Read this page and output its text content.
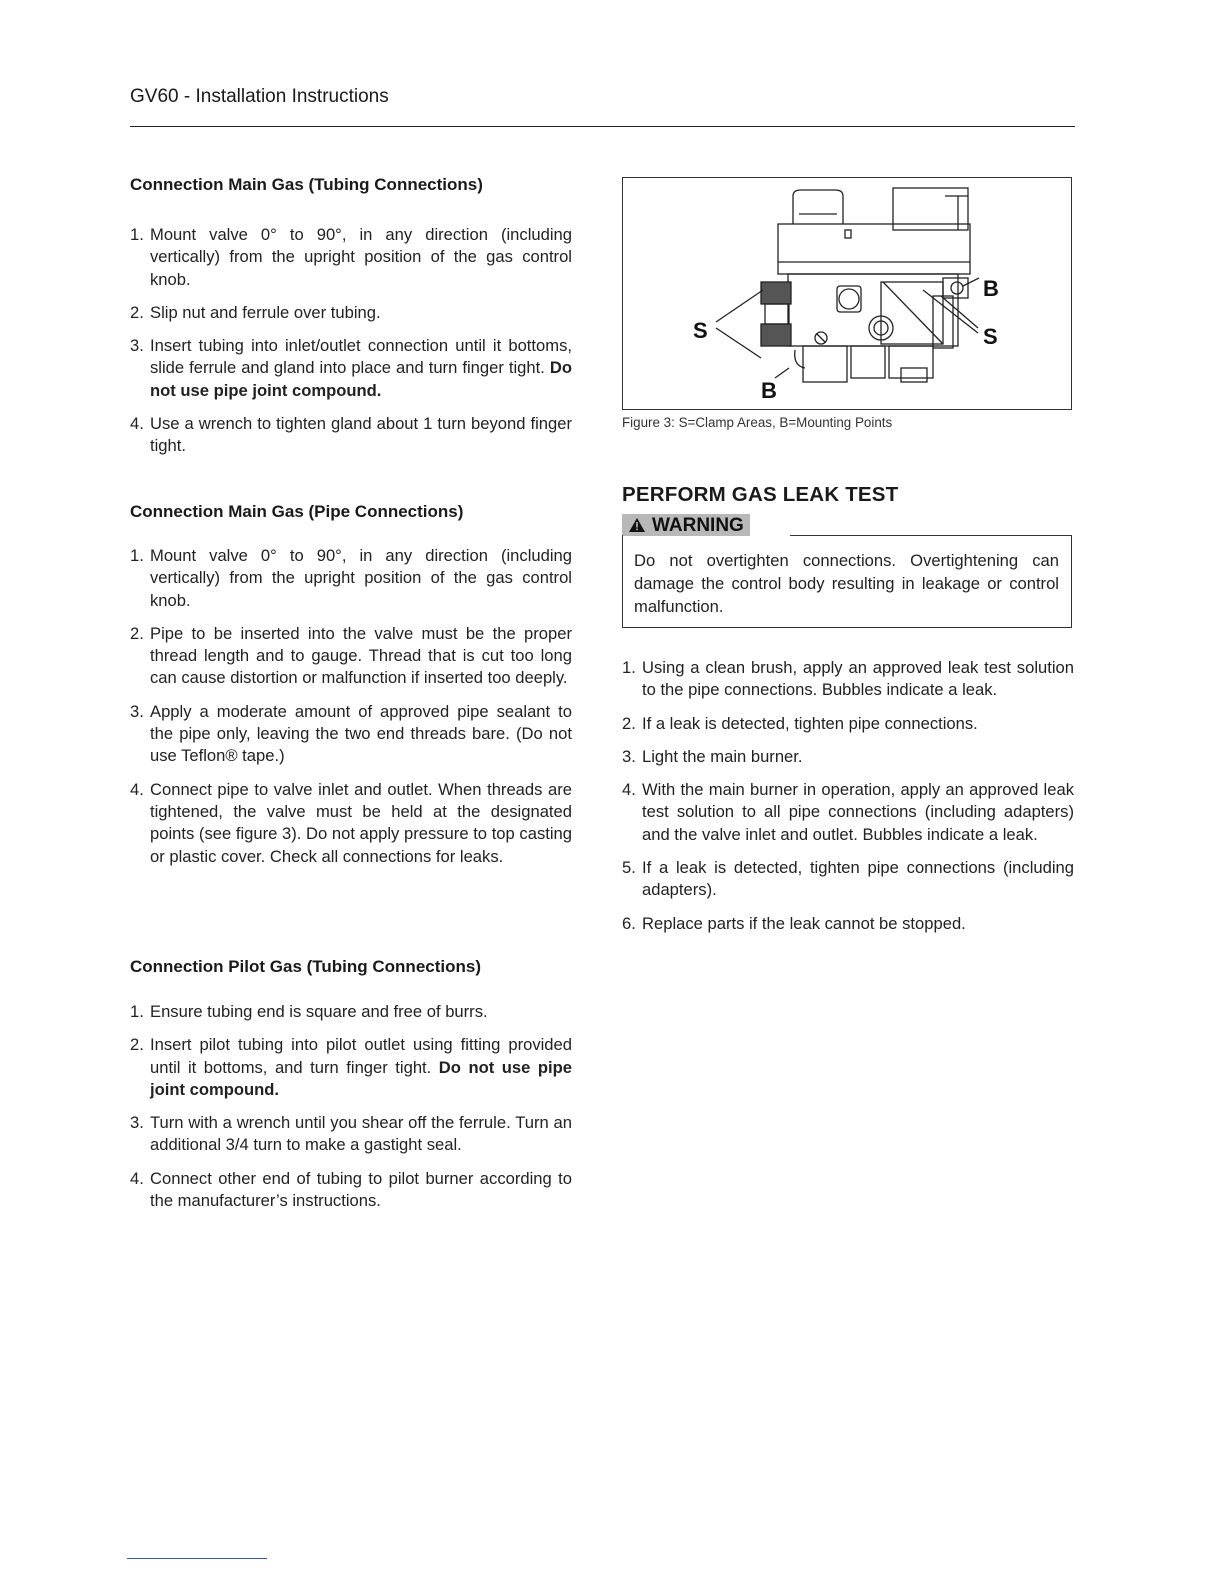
GV60 - Installation Instructions
Connection Main Gas (Tubing Connections)
1. Mount valve 0° to 90°, in any direction (including vertically) from the upright position of the gas control knob.
2. Slip nut and ferrule over tubing.
3. Insert tubing into inlet/outlet connection until it bottoms, slide ferrule and gland into place and turn finger tight. Do not use pipe joint compound.
4. Use a wrench to tighten gland about 1 turn beyond finger tight.
Connection Main Gas (Pipe Connections)
1. Mount valve 0° to 90°, in any direction (including vertically) from the upright position of the gas control knob.
2. Pipe to be inserted into the valve must be the proper thread length and to gauge. Thread that is cut too long can cause distortion or malfunction if inserted too deeply.
3. Apply a moderate amount of approved pipe sealant to the pipe only, leaving the two end threads bare. (Do not use Teflon® tape.)
4. Connect pipe to valve inlet and outlet. When threads are tightened, the valve must be held at the designated points (see figure 3). Do not apply pressure to top casting or plastic cover. Check all connections for leaks.
Connection Pilot Gas (Tubing Connections)
1. Ensure tubing end is square and free of burrs.
2. Insert pilot tubing into pilot outlet using fitting provided until it bottoms, and turn finger tight. Do not use pipe joint compound.
3. Turn with a wrench until you shear off the ferrule. Turn an additional 3/4 turn to make a gastight seal.
4. Connect other end of tubing to pilot burner according to the manufacturer’s instructions.
S	S
B
B
Figure 3: S=Clamp Areas, B=Mounting Points
PERFORM GAS LEAK TEST
WARNING
Do not overtighten connections. Overtightening can damage the control body resulting in leakage or control malfunction.
1. Using a clean brush, apply an approved leak test solution to the pipe connections. Bubbles indicate a leak.
2. If a leak is detected, tighten pipe connections.
3. Light the main burner.
4. With the main burner in operation, apply an approved leak test solution to all pipe connections (including adapters) and the valve inlet and outlet. Bubbles indicate a leak.
5. If a leak is detected, tighten pipe connections (including adapters).
6. Replace parts if the leak cannot be stopped.
